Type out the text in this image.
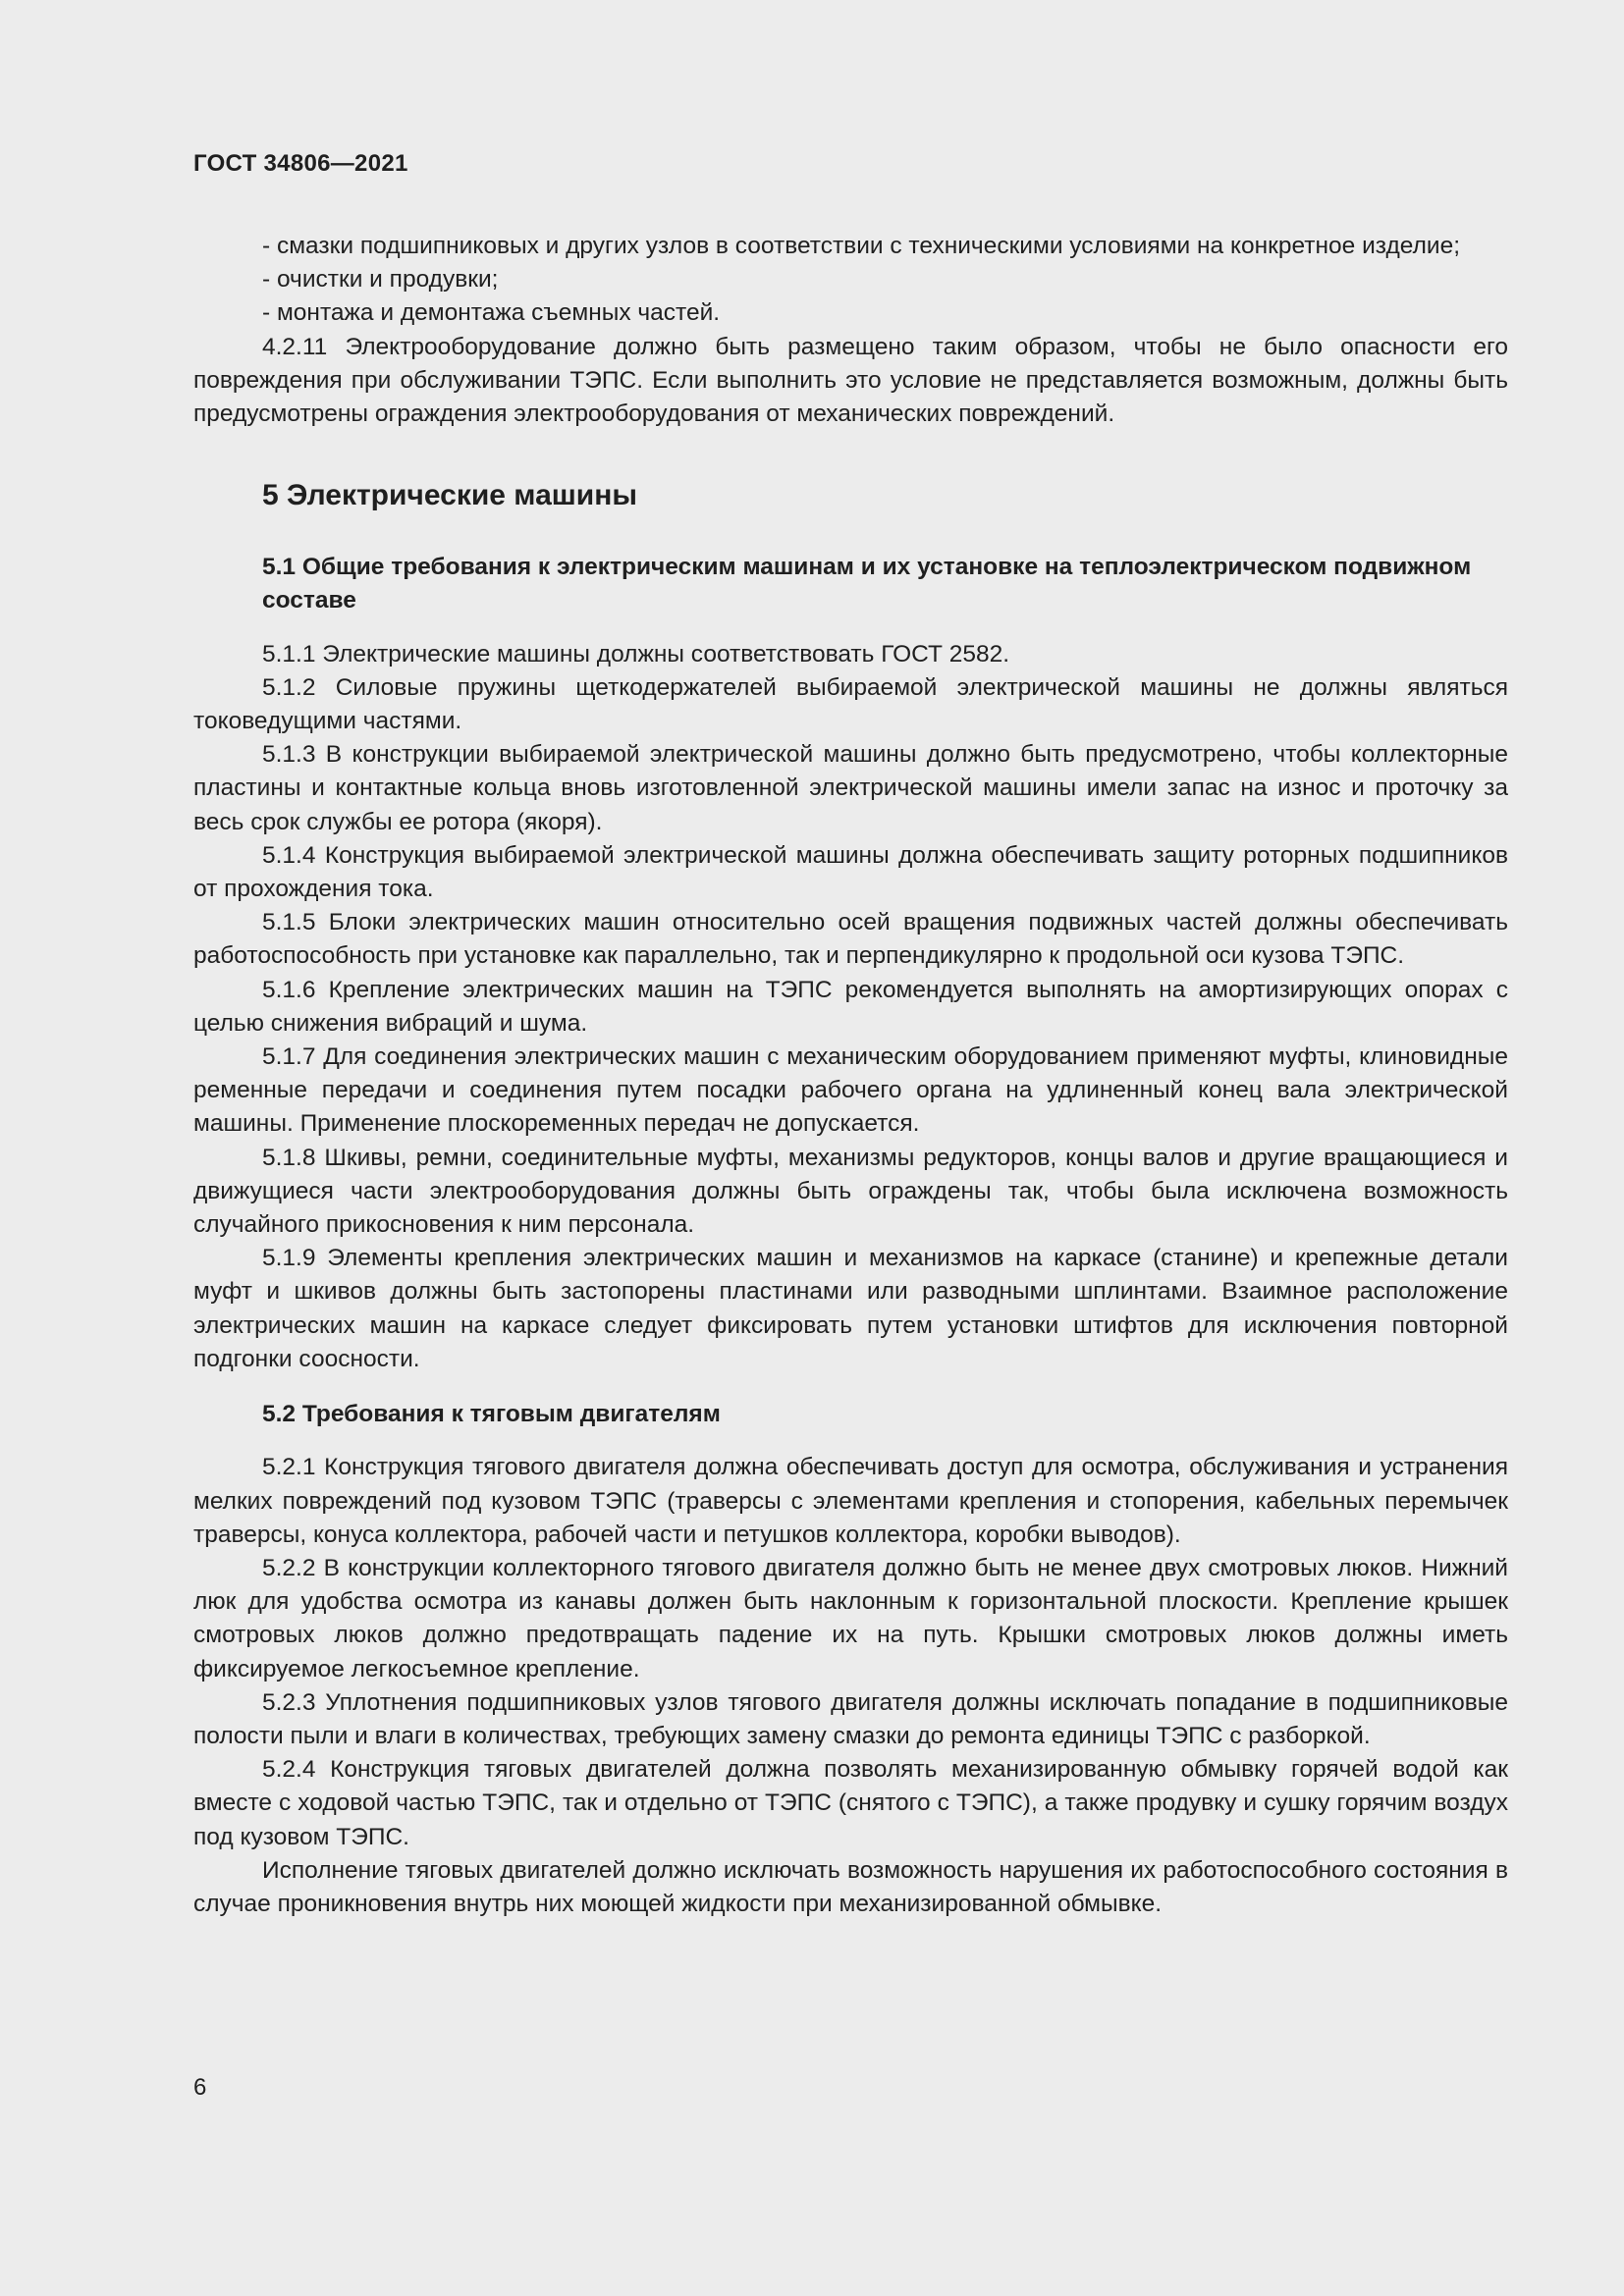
ГОСТ 34806—2021

- смазки подшипниковых и других узлов в соответствии с техническими условиями на конкретное изделие;

- очистки и продувки;

- монтажа и демонтажа съемных частей.

4.2.11 Электрооборудование должно быть размещено таким образом, чтобы не было опасности его повреждения при обслуживании ТЭПС. Если выполнить это условие не представляется возможным, должны быть предусмотрены ограждения электрооборудования от механических повреждений.

5 Электрические машины
5.1 Общие требования к электрическим машинам и их установке на теплоэлектрическом подвижном составе

5.1.1 Электрические машины должны соответствовать ГОСТ 2582.

5.1.2 Силовые пружины щеткодержателей выбираемой электрической машины не должны являться токоведущими частями.

5.1.3 В конструкции выбираемой электрической машины должно быть предусмотрено, чтобы коллекторные пластины и контактные кольца вновь изготовленной электрической машины имели запас на износ и проточку за весь срок службы ее ротора (якоря).

5.1.4 Конструкция выбираемой электрической машины должна обеспечивать защиту роторных подшипников от прохождения тока.

5.1.5 Блоки электрических машин относительно осей вращения подвижных частей должны обеспечивать работоспособность при установке как параллельно, так и перпендикулярно к продольной оси кузова ТЭПС.

5.1.6 Крепление электрических машин на ТЭПС рекомендуется выполнять на амортизирующих опорах с целью снижения вибраций и шума.

5.1.7 Для соединения электрических машин с механическим оборудованием применяют муфты, клиновидные ременные передачи и соединения путем посадки рабочего органа на удлиненный конец вала электрической машины. Применение плоскоременных передач не допускается.

5.1.8 Шкивы, ремни, соединительные муфты, механизмы редукторов, концы валов и другие вращающиеся и движущиеся части электрооборудования должны быть ограждены так, чтобы была исключена возможность случайного прикосновения к ним персонала.

5.1.9 Элементы крепления электрических машин и механизмов на каркасе (станине) и крепежные детали муфт и шкивов должны быть застопорены пластинами или разводными шплинтами. Взаимное расположение электрических машин на каркасе следует фиксировать путем установки штифтов для исключения повторной подгонки соосности.

5.2 Требования к тяговым двигателям

5.2.1 Конструкция тягового двигателя должна обеспечивать доступ для осмотра, обслуживания и устранения мелких повреждений под кузовом ТЭПС (траверсы с элементами крепления и стопорения, кабельных перемычек траверсы, конуса коллектора, рабочей части и петушков коллектора, коробки выводов).

5.2.2 В конструкции коллекторного тягового двигателя должно быть не менее двух смотровых люков. Нижний люк для удобства осмотра из канавы должен быть наклонным к горизонтальной плоскости. Крепление крышек смотровых люков должно предотвращать падение их на путь. Крышки смотровых люков должны иметь фиксируемое легкосъемное крепление.

5.2.3 Уплотнения подшипниковых узлов тягового двигателя должны исключать попадание в подшипниковые полости пыли и влаги в количествах, требующих замену смазки до ремонта единицы ТЭПС с разборкой.

5.2.4 Конструкция тяговых двигателей должна позволять механизированную обмывку горячей водой как вместе с ходовой частью ТЭПС, так и отдельно от ТЭПС (снятого с ТЭПС), а также продувку и сушку горячим воздух под кузовом ТЭПС.

Исполнение тяговых двигателей должно исключать возможность нарушения их работоспособного состояния в случае проникновения внутрь них моющей жидкости при механизированной обмывке.

6
